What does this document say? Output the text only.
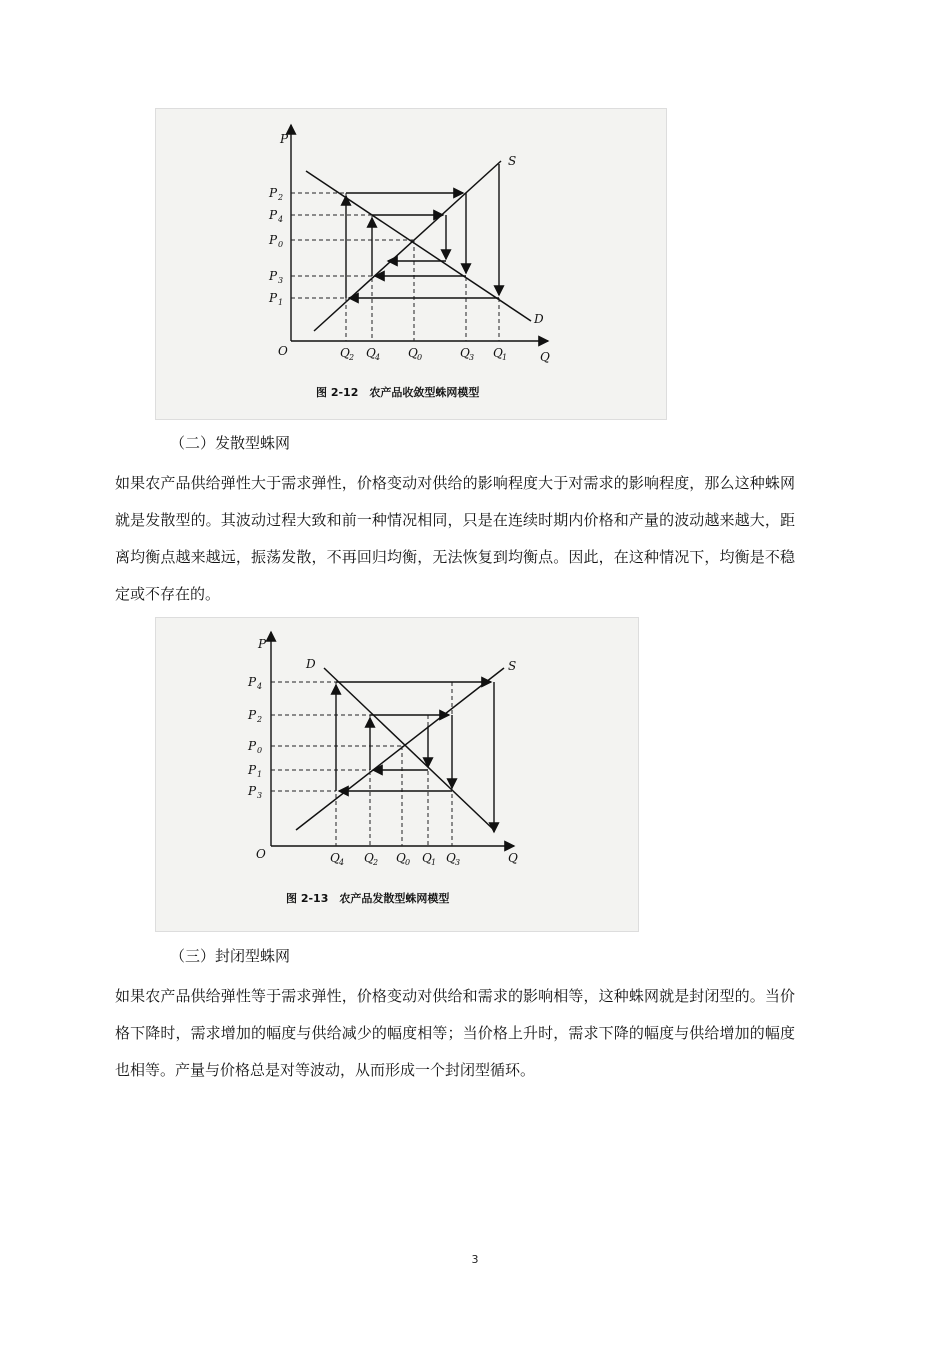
P
Q
O
S
D
P 2
P 4
P 0
P 3
P 1
Q 2 Q 4 Q 0	Q 3 Q 1
图 2-12　农产品收敛型蛛网模型
（二）发散型蛛网
如果农产品供给弹性大于需求弹性，价格变动对供给的影响程度大于对需求的影响程度，那么这种蛛网就是发散型的。其波动过程大致和前一种情况相同，只是在连续时期内价格和产量的波动越来越大，距离均衡点越来越远，振荡发散，不再回归均衡，无法恢复到均衡点。因此，在这种情况下，均衡是不稳定或不存在的。
P
Q
O
S
D
P 4
P 2
P 0
P 1
P 3
Q 4 Q 2 Q 0 Q 1 Q 3
图 2-13　农产品发散型蛛网模型
（三）封闭型蛛网
如果农产品供给弹性等于需求弹性，价格变动对供给和需求的影响相等，这种蛛网就是封闭型的。当价格下降时，需求增加的幅度与供给减少的幅度相等；当价格上升时，需求下降的幅度与供给增加的幅度也相等。产量与价格总是对等波动，从而形成一个封闭型循环。
3
